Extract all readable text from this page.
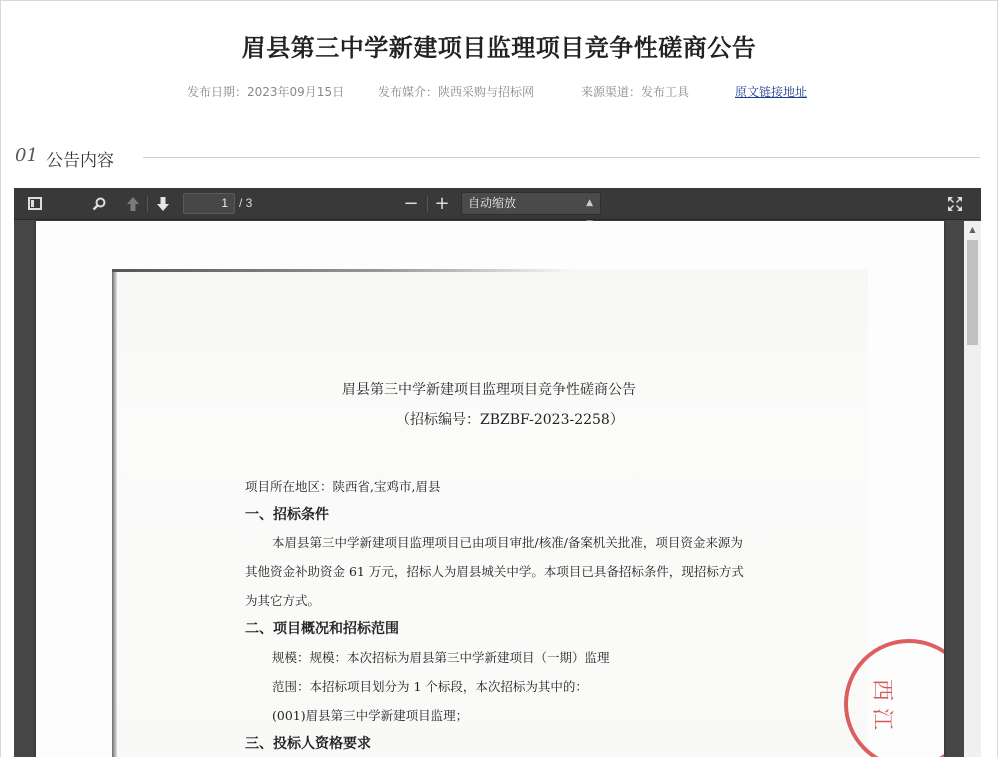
眉县第三中学新建项目监理项目竞争性磋商公告
发布日期：2023年09月15日	发布媒介：陕西采购与招标网	来源渠道：发布工具	原文链接地址
01 公告内容
1 / 3	− +	自动缩放	▲

眉县第三中学新建项目监理项目竞争性磋商公告
（招标编号：ZBZBF-2023-2258）
项目所在地区：陕西省,宝鸡市,眉县
一、招标条件
本眉县第三中学新建项目监理项目已由项目审批/核准/备案机关批准，项目资金来源为
其他资金补助资金 61 万元，招标人为眉县城关中学。本项目已具备招标条件，现招标方式
为其它方式。
二、项目概况和招标范围
规模：规模：本次招标为眉县第三中学新建项目（一期）监理
范围：本招标项目划分为 1 个标段，本次招标为其中的：
(001)眉县第三中学新建项目监理；
三、投标人资格要求
西 江
▲
